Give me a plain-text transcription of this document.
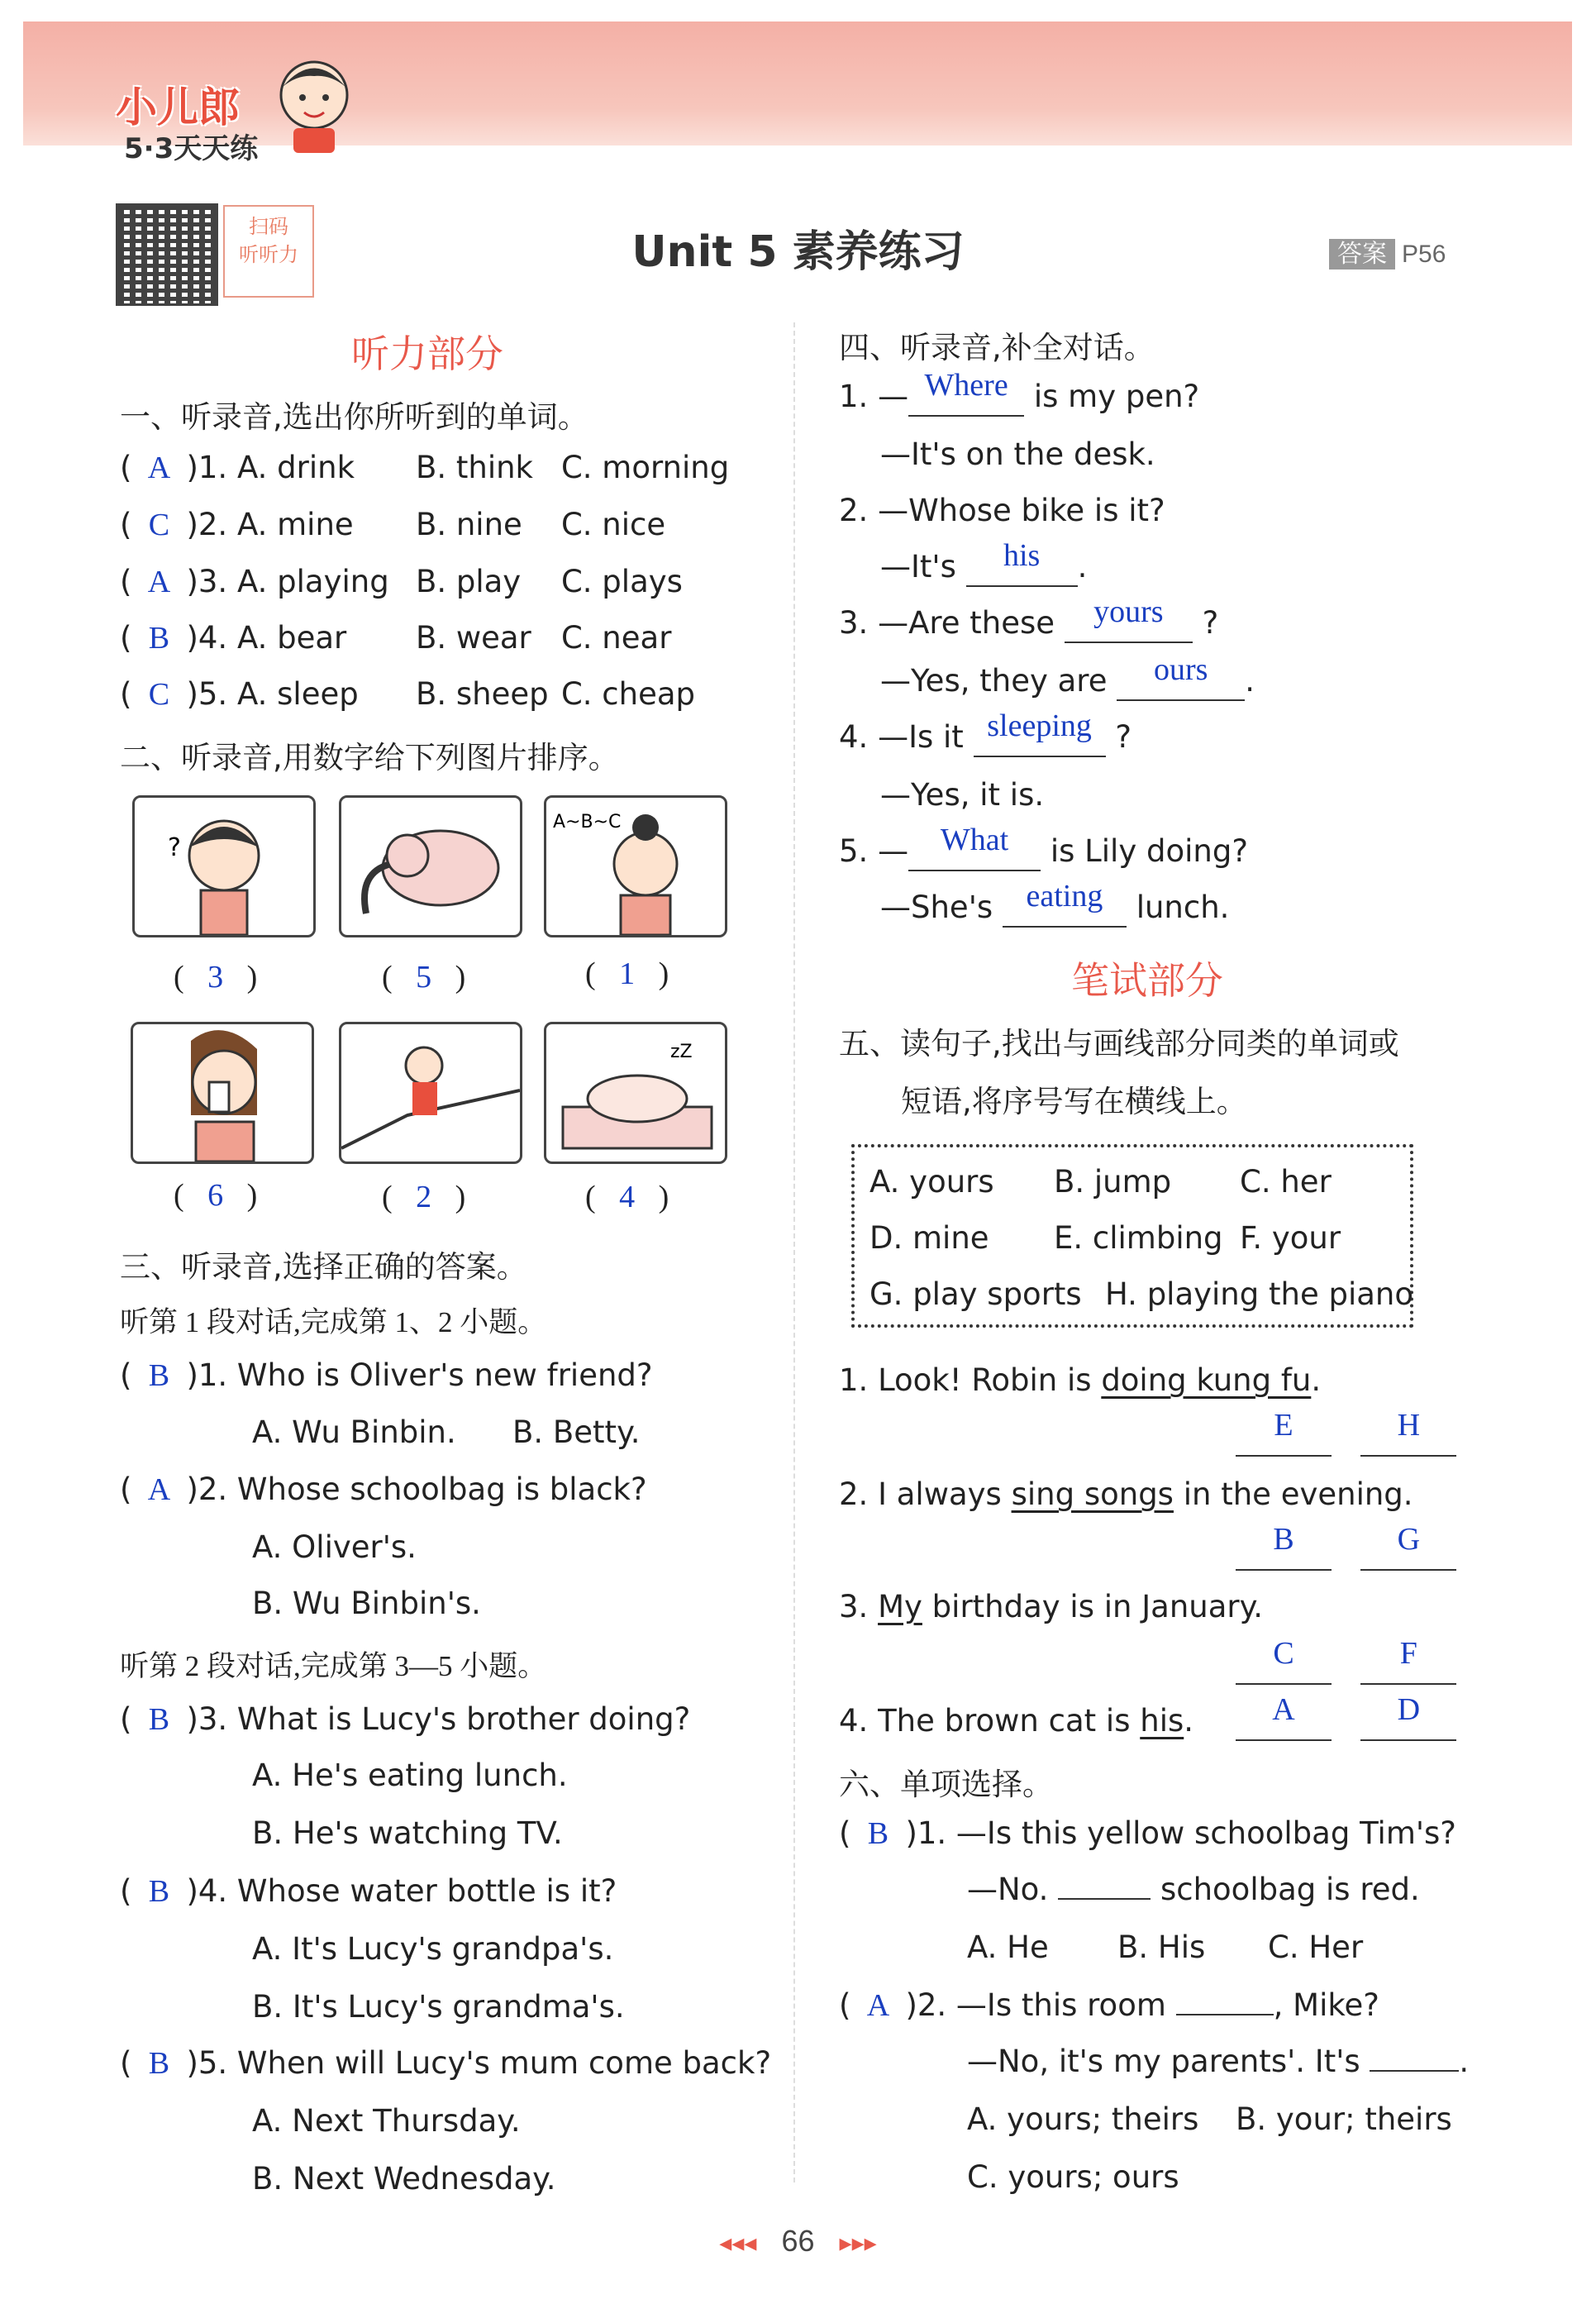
小儿郎
5·3天天练
扫码
听听力	Unit 5 素养练习	答案 P56
听力部分
一、听录音,选出你所听到的单词。
( A )1. A. drink B. think C. morning
( C )2. A. mine B. nine C. nice
( A )3. A. playing B. play C. plays
( B )4. A. bear B. wear C. near
( C )5. A. sleep B. sheep C. cheap
二、听录音,用数字给下列图片排序。
?
A~B~C
(   3   )	(   5   )	(   1   )
zZ
(   6   )	(   2   )	(   4   )
三、听录音,选择正确的答案。
听第 1 段对话,完成第 1、2 小题。
( B )1. Who is Oliver's new friend?
A. Wu Binbin. B. Betty.
( A )2. Whose schoolbag is black?
A. Oliver's.
B. Wu Binbin's.
听第 2 段对话,完成第 3—5 小题。
( B )3. What is Lucy's brother doing?
A. He's eating lunch.
B. He's watching TV.
( B )4. Whose water bottle is it?
A. It's Lucy's grandpa's.
B. It's Lucy's grandma's.
( B )5. When will Lucy's mum come back?
A. Next Thursday.
B. Next Wednesday.
四、听录音,补全对话。
1. — Where is my pen?
—It's on the desk.
2. —Whose bike is it?
—It's his .
3. —Are these yours ?
—Yes, they are ours .
4. —Is it sleeping ?
—Yes, it is.
5. — What is Lily doing?
—She's eating lunch.
笔试部分
五、读句子,找出与画线部分同类的单词或
短语,将序号写在横线上。
A. yours B. jump C. her
D. mine E. climbing F. your
G. play sports H. playing the piano
1. Look! Robin is doing kung fu.
E	H
2. I always sing songs in the evening.
B	G
3. My birthday is in January.
C	F
4. The brown cat is his.	A	D
六、单项选择。
( B )1. —Is this yellow schoolbag Tim's?
—No.	schoolbag is red.
A. He B. His C. Her
( A )2. —Is this room	, Mike?
—No, it's my parents'. It's	.
A. yours; theirs B. your; theirs
C. yours; ours
◂◂◂ 66 ▸▸▸
